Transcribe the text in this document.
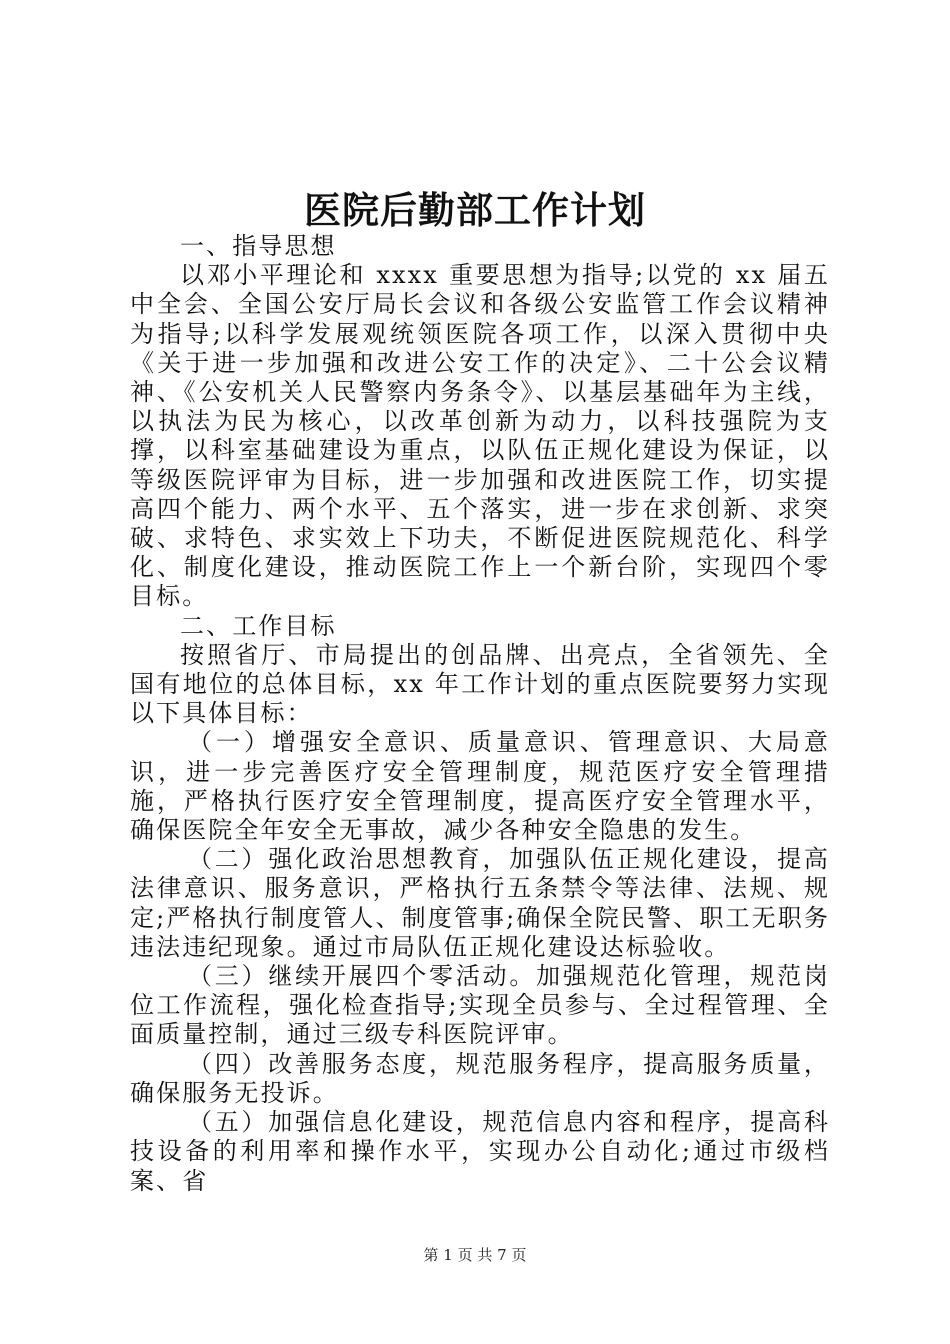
医院后勤部工作计划

一、指导思想

以邓小平理论和 xxxx 重要思想为指导;以党的 xx 届五中全会、全国公安厅局长会议和各级公安监管工作会议精神为指导;以科学发展观统领医院各项工作，以深入贯彻中央《关于进一步加强和改进公安工作的决定》、二十公会议精神、《公安机关人民警察内务条令》、以基层基础年为主线，以执法为民为核心，以改革创新为动力，以科技强院为支撑，以科室基础建设为重点，以队伍正规化建设为保证，以等级医院评审为目标，进一步加强和改进医院工作，切实提高四个能力、两个水平、五个落实，进一步在求创新、求突破、求特色、求实效上下功夫，不断促进医院规范化、科学化、制度化建设，推动医院工作上一个新台阶，实现四个零目标。

二、工作目标

按照省厅、市局提出的创品牌、出亮点，全省领先、全国有地位的总体目标，xx 年工作计划的重点医院要努力实现以下具体目标：

（一）增强安全意识、质量意识、管理意识、大局意识，进一步完善医疗安全管理制度，规范医疗安全管理措施，严格执行医疗安全管理制度，提高医疗安全管理水平，确保医院全年安全无事故，减少各种安全隐患的发生。

（二）强化政治思想教育，加强队伍正规化建设，提高法律意识、服务意识，严格执行五条禁令等法律、法规、规定;严格执行制度管人、制度管事;确保全院民警、职工无职务违法违纪现象。通过市局队伍正规化建设达标验收。

（三）继续开展四个零活动。加强规范化管理，规范岗位工作流程，强化检查指导;实现全员参与、全过程管理、全面质量控制，通过三级专科医院评审。

（四）改善服务态度，规范服务程序，提高服务质量，确保服务无投诉。

（五）加强信息化建设，规范信息内容和程序，提高科技设备的利用率和操作水平，实现办公自动化;通过市级档案、省

第 1 页 共 7 页
